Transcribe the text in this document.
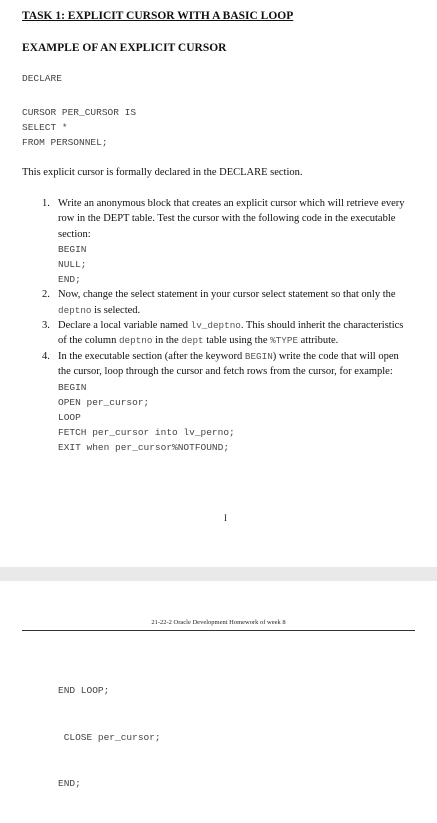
TASK 1: EXPLICIT CURSOR WITH A BASIC LOOP
EXAMPLE OF AN EXPLICIT CURSOR
DECLARE
CURSOR PER_CURSOR IS
SELECT *
FROM PERSONNEL;
This explicit cursor is formally declared in the DECLARE section.
1. Write an anonymous block that creates an explicit cursor which will retrieve every row in the DEPT table. Test the cursor with the following code in the executable section:
BEGIN
NULL;
END;
2. Now, change the select statement in your cursor select statement so that only the deptno is selected.
3. Declare a local variable named lv_deptno. This should inherit the characteristics of the column deptno in the dept table using the %TYPE attribute.
4. In the executable section (after the keyword BEGIN) write the code that will open the cursor, loop through the cursor and fetch rows from the cursor, for example:
BEGIN
OPEN per_cursor;
LOOP
FETCH per_cursor into lv_perno;
EXIT when per_cursor%NOTFOUND;
I
21-22-2 Oracle Development Homework of week 8

END LOOP;

CLOSE per_cursor;

END;
